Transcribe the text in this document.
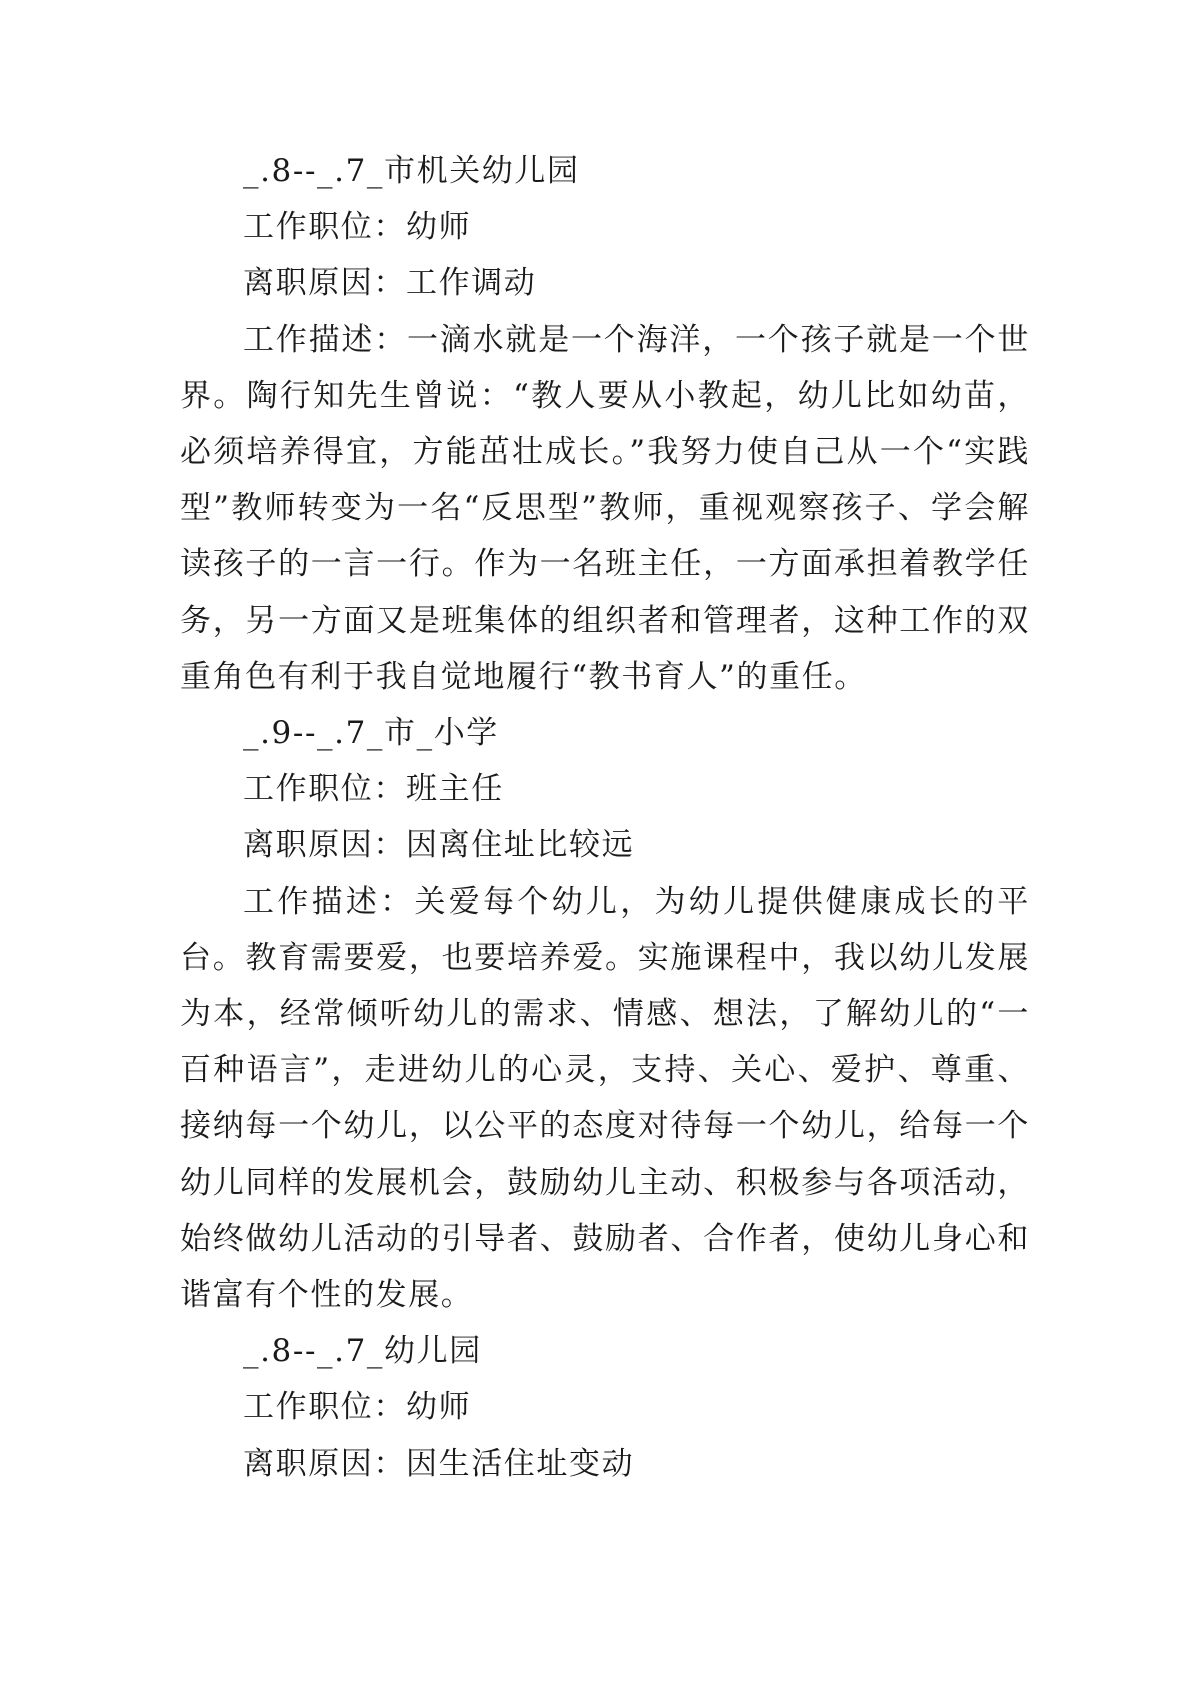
_.8--_.7_市机关幼儿园

工作职位：幼师

离职原因：工作调动

工作描述：一滴水就是一个海洋，一个孩子就是一个世界。陶行知先生曾说：“教人要从小教起，幼儿比如幼苗，必须培养得宜，方能茁壮成长。”我努力使自己从一个“实践型”教师转变为一名“反思型”教师，重视观察孩子、学会解读孩子的一言一行。作为一名班主任，一方面承担着教学任务，另一方面又是班集体的组织者和管理者，这种工作的双重角色有利于我自觉地履行“教书育人”的重任。

_.9--_.7_市_小学

工作职位：班主任

离职原因：因离住址比较远

工作描述：关爱每个幼儿，为幼儿提供健康成长的平台。教育需要爱，也要培养爱。实施课程中，我以幼儿发展为本，经常倾听幼儿的需求、情感、想法，了解幼儿的“一百种语言”，走进幼儿的心灵，支持、关心、爱护、尊重、接纳每一个幼儿，以公平的态度对待每一个幼儿，给每一个幼儿同样的发展机会，鼓励幼儿主动、积极参与各项活动，始终做幼儿活动的引导者、鼓励者、合作者，使幼儿身心和谐富有个性的发展。

_.8--_.7_幼儿园

工作职位：幼师

离职原因：因生活住址变动
